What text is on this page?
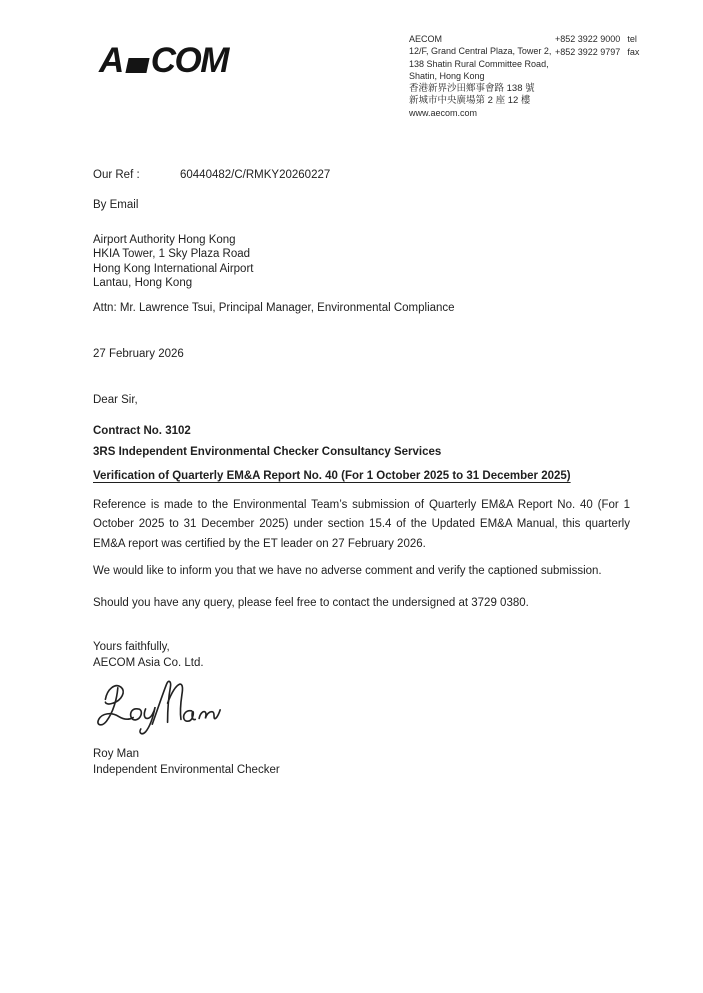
A COM
AECOM
12/F, Grand Central Plaza, Tower 2,
138 Shatin Rural Committee Road,
Shatin, Hong Kong
香港新界沙田鄉事會路 138 號
新城市中央廣場第 2 座 12 樓
www.aecom.com
+852 3922 9000 tel
+852 3922 9797 fax
Our Ref :	60440482/C/RMKY20260227
By Email
Airport Authority Hong Kong
HKIA Tower, 1 Sky Plaza Road
Hong Kong International Airport
Lantau, Hong Kong
Attn: Mr. Lawrence Tsui, Principal Manager, Environmental Compliance
27 February 2026
Dear Sir,
Contract No. 3102
3RS Independent Environmental Checker Consultancy Services
Verification of Quarterly EM&A Report No. 40 (For 1 October 2025 to 31 December 2025)
Reference is made to the Environmental Team’s submission of Quarterly EM&A Report No. 40 (For 1 October 2025 to 31 December 2025) under section 15.4 of the Updated EM&A Manual, this quarterly EM&A report was certified by the ET leader on 27 February 2026.
We would like to inform you that we have no adverse comment and verify the captioned submission.
Should you have any query, please feel free to contact the undersigned at 3729 0380.
Yours faithfully,
AECOM Asia Co. Ltd.
Roy Man
Independent Environmental Checker
